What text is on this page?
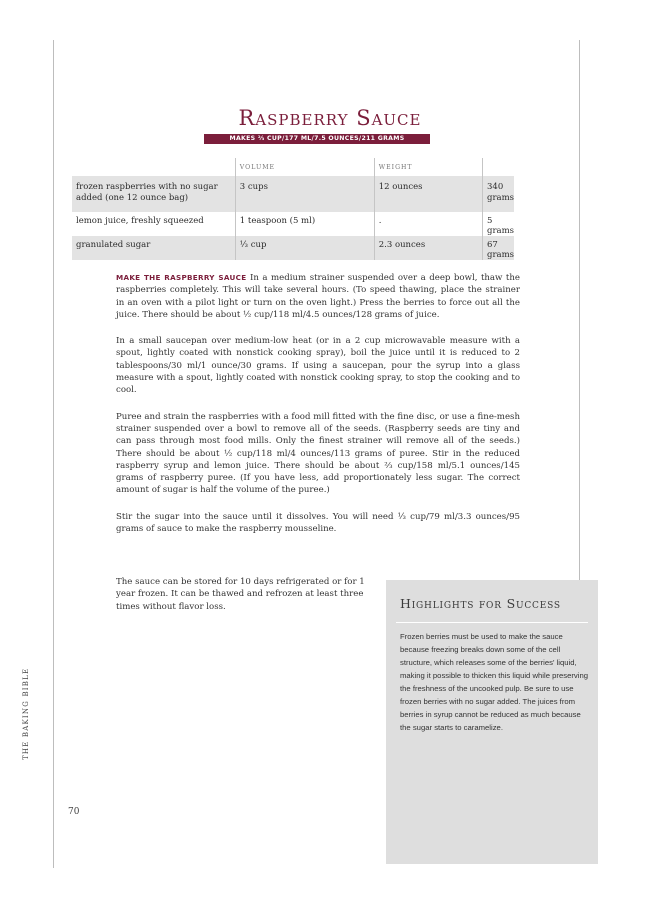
THE BAKING BIBLE
70
Raspberry Sauce
MAKES ⅔ CUP/177 ML/7.5 OUNCES/211 GRAMS
	VOLUME	WEIGHT	
frozen raspberries with no sugar added (one 12 ounce bag)	3 cups	12 ounces	340 grams
lemon juice, freshly squeezed	1 teaspoon (5 ml)	.	5 grams
granulated sugar	⅓ cup	2.3 ounces	67 grams

MAKE THE RASPBERRY SAUCE In a medium strainer suspended over a deep bowl, thaw the raspberries completely. This will take several hours. (To speed thawing, place the strainer in an oven with a pilot light or turn on the oven light.) Press the berries to force out all the juice. There should be about ½ cup/118 ml/4.5 ounces/128 grams of juice.

In a small saucepan over medium-low heat (or in a 2 cup microwavable measure with a spout, lightly coated with nonstick cooking spray), boil the juice until it is reduced to 2 tablespoons/30 ml/1 ounce/30 grams. If using a saucepan, pour the syrup into a glass measure with a spout, lightly coated with nonstick cooking spray, to stop the cooking and to cool.

Puree and strain the raspberries with a food mill fitted with the fine disc, or use a fine-mesh strainer suspended over a bowl to remove all of the seeds. (Raspberry seeds are tiny and can pass through most food mills. Only the finest strainer will remove all of the seeds.) There should be about ½ cup/118 ml/4 ounces/113 grams of puree. Stir in the reduced raspberry syrup and lemon juice. There should be about ⅔ cup/158 ml/5.1 ounces/145 grams of raspberry puree. (If you have less, add proportionately less sugar. The correct amount of sugar is half the volume of the puree.)

Stir the sugar into the sauce until it dissolves. You will need ⅓ cup/79 ml/3.3 ounces/95 grams of sauce to make the raspberry mousseline.

The sauce can be stored for 10 days refrigerated or for 1 year frozen. It can be thawed and refrozen at least three times without flavor loss.	Highlights for Success
Frozen berries must be used to make the sauce because freezing breaks down some of the cell structure, which releases some of the berries' liquid, making it possible to thicken this liquid while preserving the freshness of the uncooked pulp. Be sure to use frozen berries with no sugar added. The juices from berries in syrup cannot be reduced as much because the sugar starts to caramelize.
